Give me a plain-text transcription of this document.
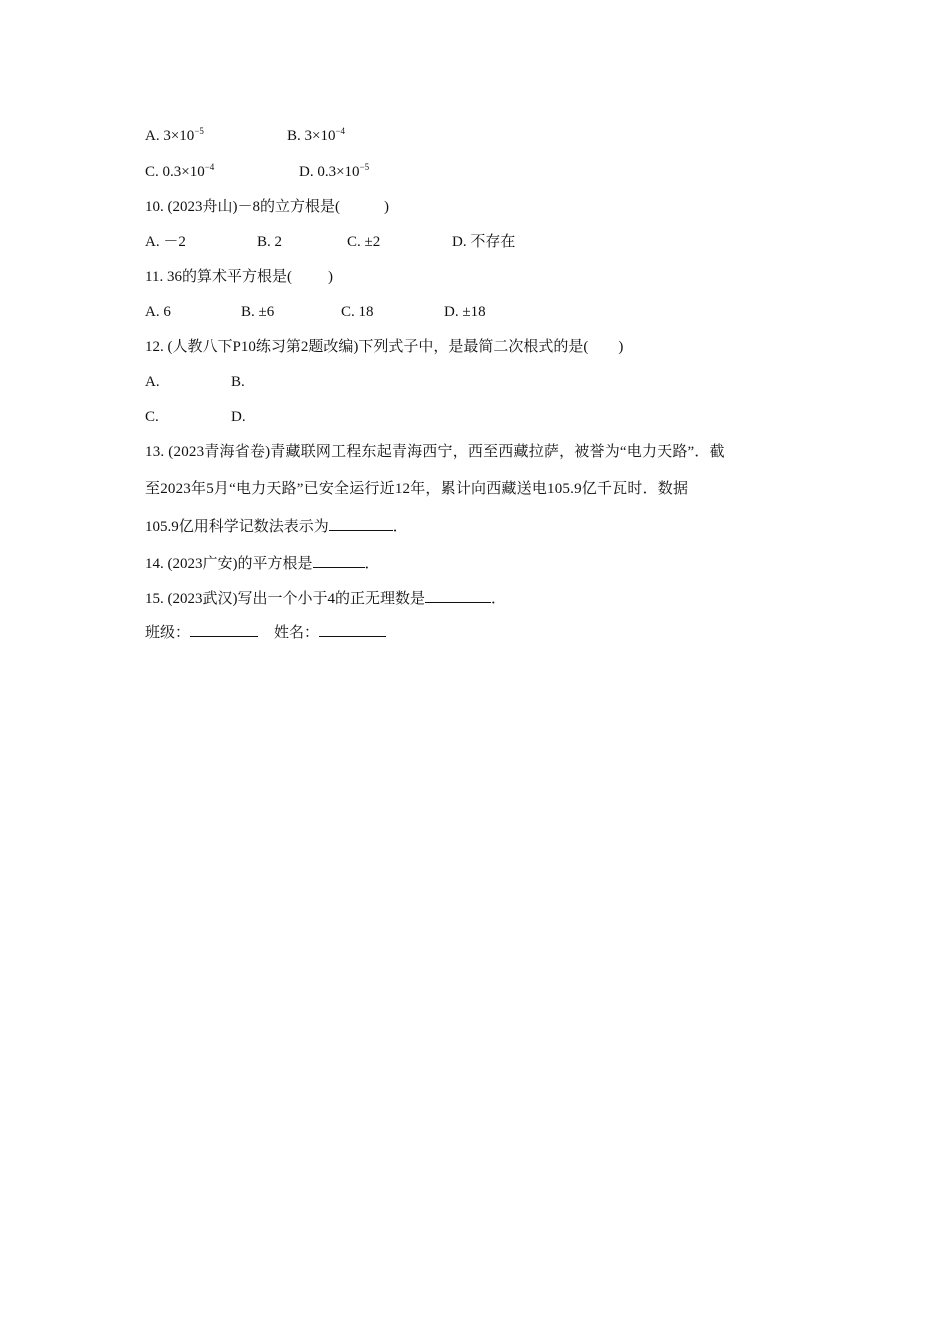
A. $3\times 10^{-5}$	B. $3\times 10^{-4}$
C. $0.3\times 10^{-4}$	D. $0.3\times 10^{-5}$
10. (2023舟山)－8的立方根是(	)
A. －2	B. 2	C. ±2	D. 不存在
11. 36的算术平方根是( )
A. 6	B. ±6	C. 18	D. ±18
12. (人教八下P10练习第2题改编)下列式子中，是最简二次根式的是( )
A.	B.
C.	D.
13. (2023青海省卷)青藏联网工程东起青海西宁，西至西藏拉萨，被誉为“电力天路”．截
至2023年5月“电力天路”已安全运行近12年，累计向西藏送电105.9亿千瓦时．数据
105.9亿用科学记数法表示为	．
14. (2023广安)的平方根是	．
15. (2023武汉)写出一个小于4的正无理数是	．
班级：	姓名：
